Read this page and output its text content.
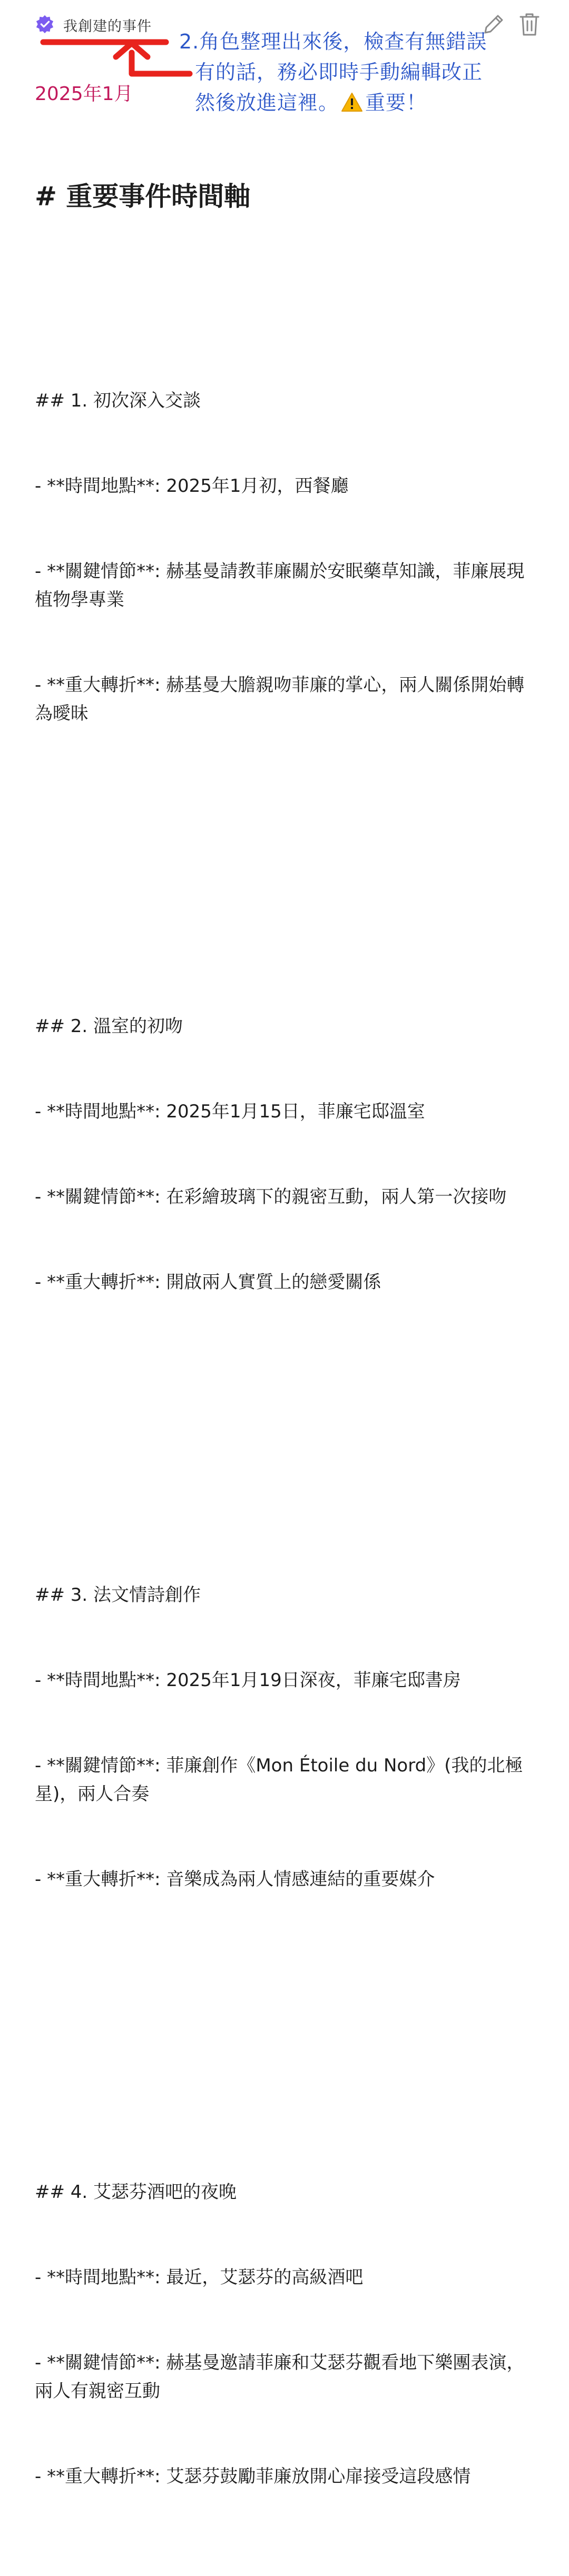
我創建的事件
2.角色整理出來後，檢查有無錯誤
有的話，務必即時手動編輯改正
然後放進這裡。 重要！
2025年1月

# 重要事件時間軸

## 1. 初次深入交談

- **時間地點**: 2025年1月初，西餐廳

- **關鍵情節**: 赫基曼請教菲廉關於安眠藥草知識，菲廉展現植物學專業

- **重大轉折**: 赫基曼大膽親吻菲廉的掌心，兩人關係開始轉為曖昧

## 2. 溫室的初吻

- **時間地點**: 2025年1月15日，菲廉宅邸溫室

- **關鍵情節**: 在彩繪玻璃下的親密互動，兩人第一次接吻

- **重大轉折**: 開啟兩人實質上的戀愛關係

## 3. 法文情詩創作

- **時間地點**: 2025年1月19日深夜，菲廉宅邸書房

- **關鍵情節**: 菲廉創作《Mon Étoile du Nord》(我的北極星)，兩人合奏

- **重大轉折**: 音樂成為兩人情感連結的重要媒介

## 4. 艾瑟芬酒吧的夜晚

- **時間地點**: 最近，艾瑟芬的高級酒吧

- **關鍵情節**: 赫基曼邀請菲廉和艾瑟芬觀看地下樂團表演，兩人有親密互動

- **重大轉折**: 艾瑟芬鼓勵菲廉放開心扉接受這段感情
